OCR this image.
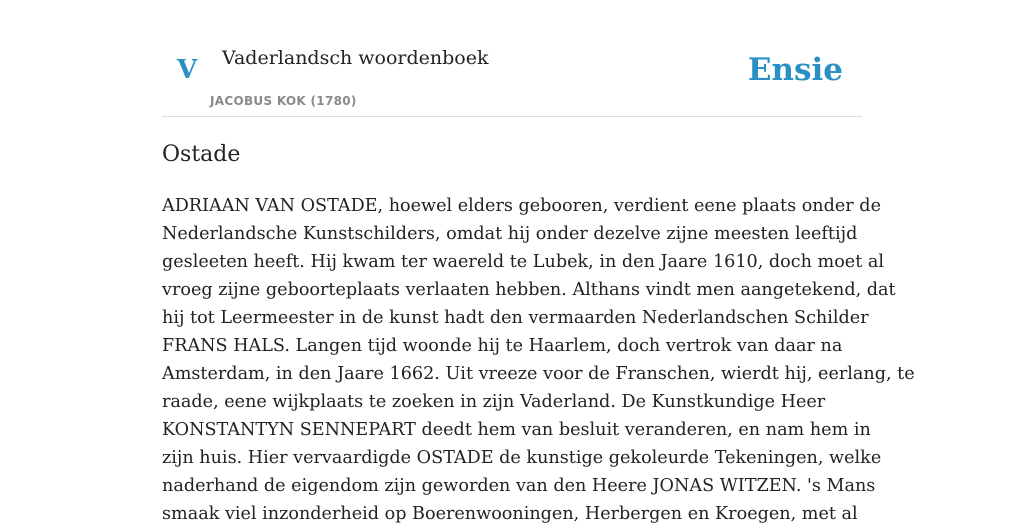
V Vaderlandsch woordenboek
JACOBUS KOK (1780)
Ensie
Ostade

ADRIAAN VAN OSTADE, hoewel elders gebooren, verdient eene plaats onder de
Nederlandsche Kunstschilders, omdat hij onder dezelve zijne meesten leeftijd
gesleeten heeft. Hij kwam ter waereld te Lubek, in den Jaare 1610, doch moet al
vroeg zijne geboorteplaats verlaaten hebben. Althans vindt men aangetekend, dat
hij tot Leermeester in de kunst hadt den vermaarden Nederlandschen Schilder
FRANS HALS. Langen tijd woonde hij te Haarlem, doch vertrok van daar na
Amsterdam, in den Jaare 1662. Uit vreeze voor de Franschen, wierdt hij, eerlang, te
raade, eene wijkplaats te zoeken in zijn Vaderland. De Kunstkundige Heer
KONSTANTYN SENNEPART deedt hem van besluit veranderen, en nam hem in
zijn huis. Hier vervaardigde OSTADE de kunstige gekoleurde Tekeningen, welke
naderhand de eigendom zijn geworden van den Heere JONAS WITZEN. 's Mans
smaak viel inzonderheid op Boerenwooningen, Herbergen en Kroegen, met al
